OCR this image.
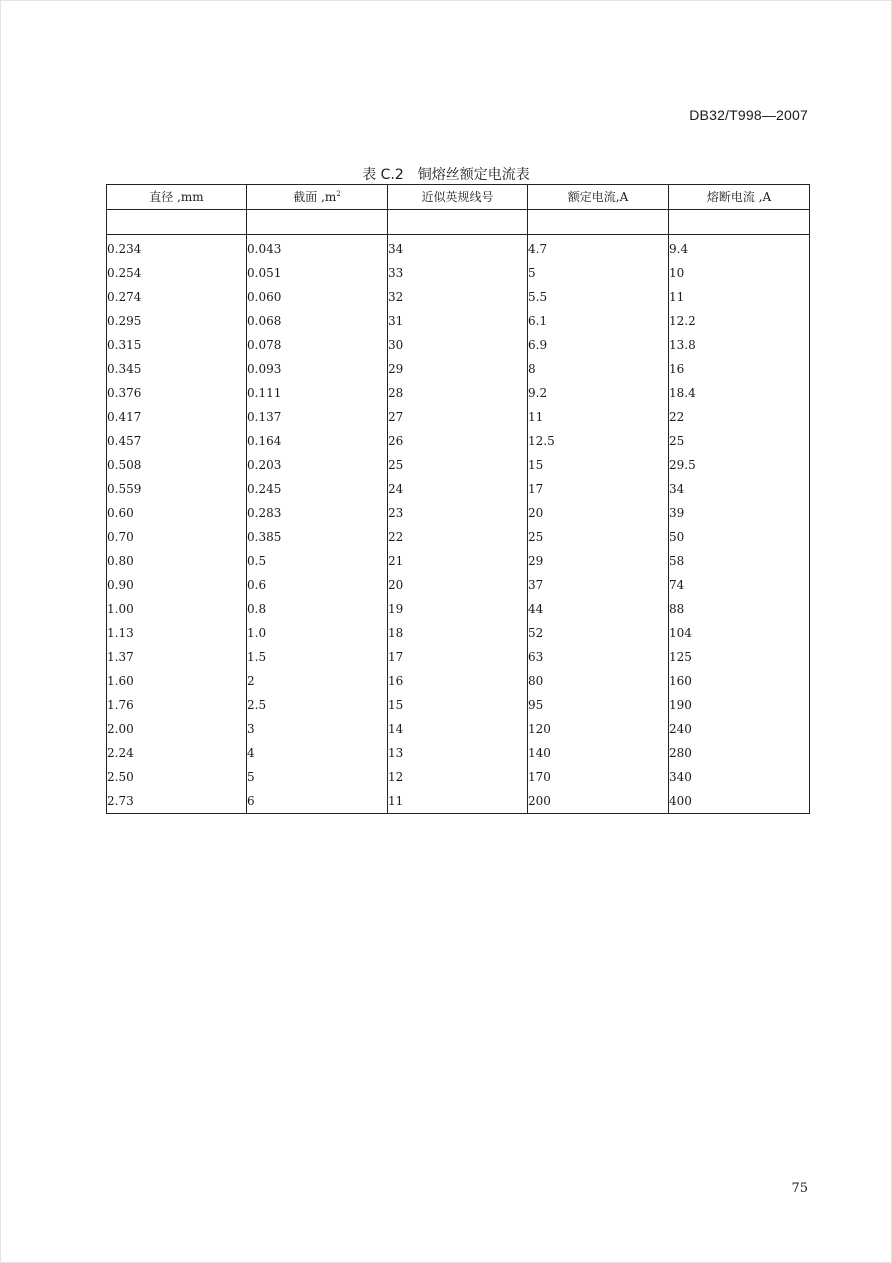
DB32/T998—2007
表 C.2 铜熔丝额定电流表
直径 ,mm	截面 $,m^2$	近似英规线号	额定电流,A	熔断电流 ,A

0.234	0.043	34	4.7	9.4
0.254	0.051	33	5	10
0.274	0.060	32	5.5	11
0.295	0.068	31	6.1	12.2
0.315	0.078	30	6.9	13.8
0.345	0.093	29	8	16
0.376	0.111	28	9.2	18.4
0.417	0.137	27	11	22
0.457	0.164	26	12.5	25
0.508	0.203	25	15	29.5
0.559	0.245	24	17	34
0.60	0.283	23	20	39
0.70	0.385	22	25	50
0.80	0.5	21	29	58
0.90	0.6	20	37	74
1.00	0.8	19	44	88
1.13	1.0	18	52	104
1.37	1.5	17	63	125
1.60	2	16	80	160
1.76	2.5	15	95	190
2.00	3	14	120	240
2.24	4	13	140	280
2.50	5	12	170	340
2.73	6	11	200	400
75
